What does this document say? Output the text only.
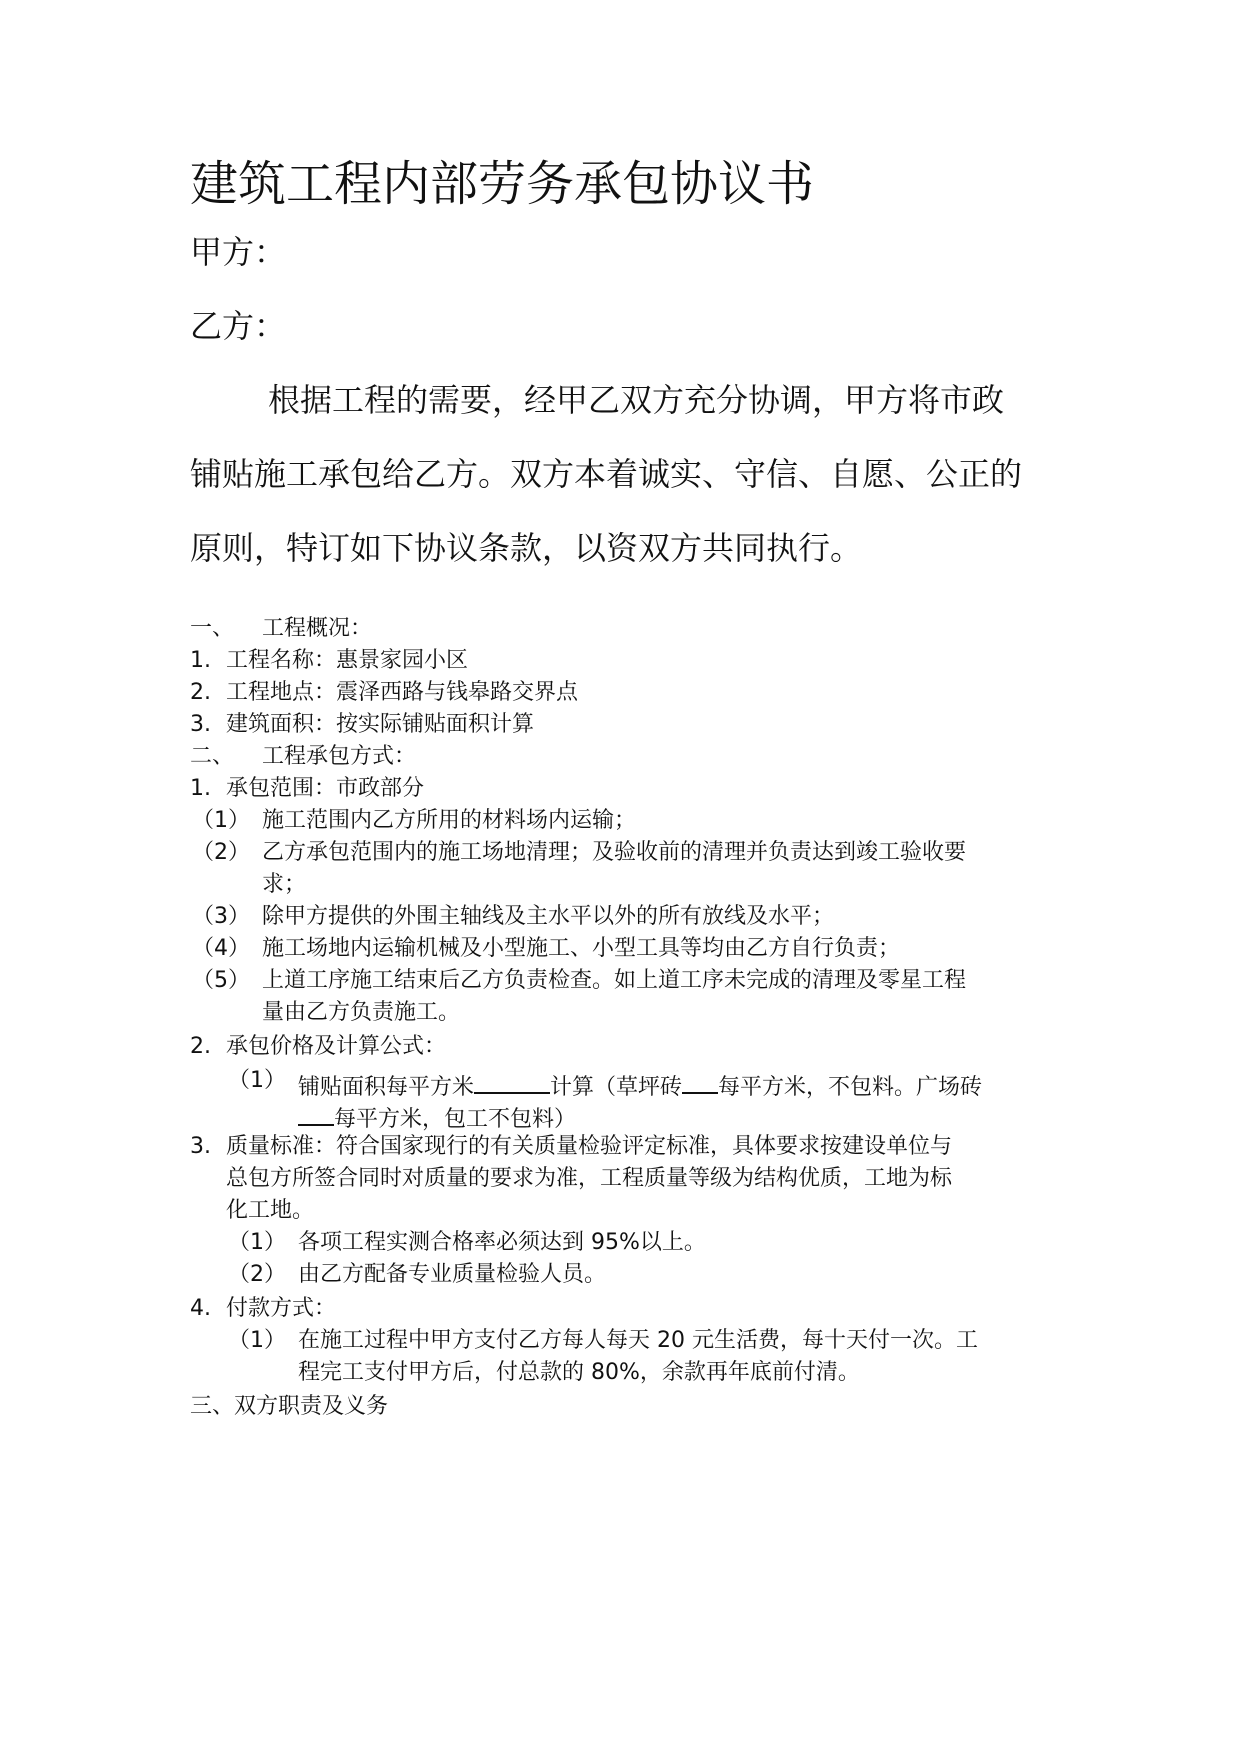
建筑工程内部劳务承包协议书
甲方：
乙方：
根据工程的需要，经甲乙双方充分协调，甲方将市政
铺贴施工承包给乙方。双方本着诚实、守信、自愿、公正的
原则，特订如下协议条款，以资双方共同执行。
一、 工程概况：
1. 工程名称：惠景家园小区
2. 工程地点：震泽西路与钱皋路交界点
3. 建筑面积：按实际铺贴面积计算
二、 工程承包方式：
1. 承包范围：市政部分
（1） 施工范围内乙方所用的材料场内运输；
（2） 乙方承包范围内的施工场地清理；及验收前的清理并负责达到竣工验收要
求；
（3） 除甲方提供的外围主轴线及主水平以外的所有放线及水平；
（4） 施工场地内运输机械及小型施工、小型工具等均由乙方自行负责；
（5） 上道工序施工结束后乙方负责检查。如上道工序未完成的清理及零星工程
量由乙方负责施工。
2. 承包价格及计算公式：
（1） 铺贴面积每平方米	计算（草坪砖 每平方米，不包料。广场砖
每平方米，包工不包料）
3. 质量标准：符合国家现行的有关质量检验评定标准，具体要求按建设单位与
总包方所签合同时对质量的要求为准，工程质量等级为结构优质，工地为标
化工地。
（1） 各项工程实测合格率必须达到 95%以上。
（2） 由乙方配备专业质量检验人员。
4. 付款方式：
（1） 在施工过程中甲方支付乙方每人每天 20 元生活费，每十天付一次。工
程完工支付甲方后，付总款的 80%，余款再年底前付清。
三、双方职责及义务
